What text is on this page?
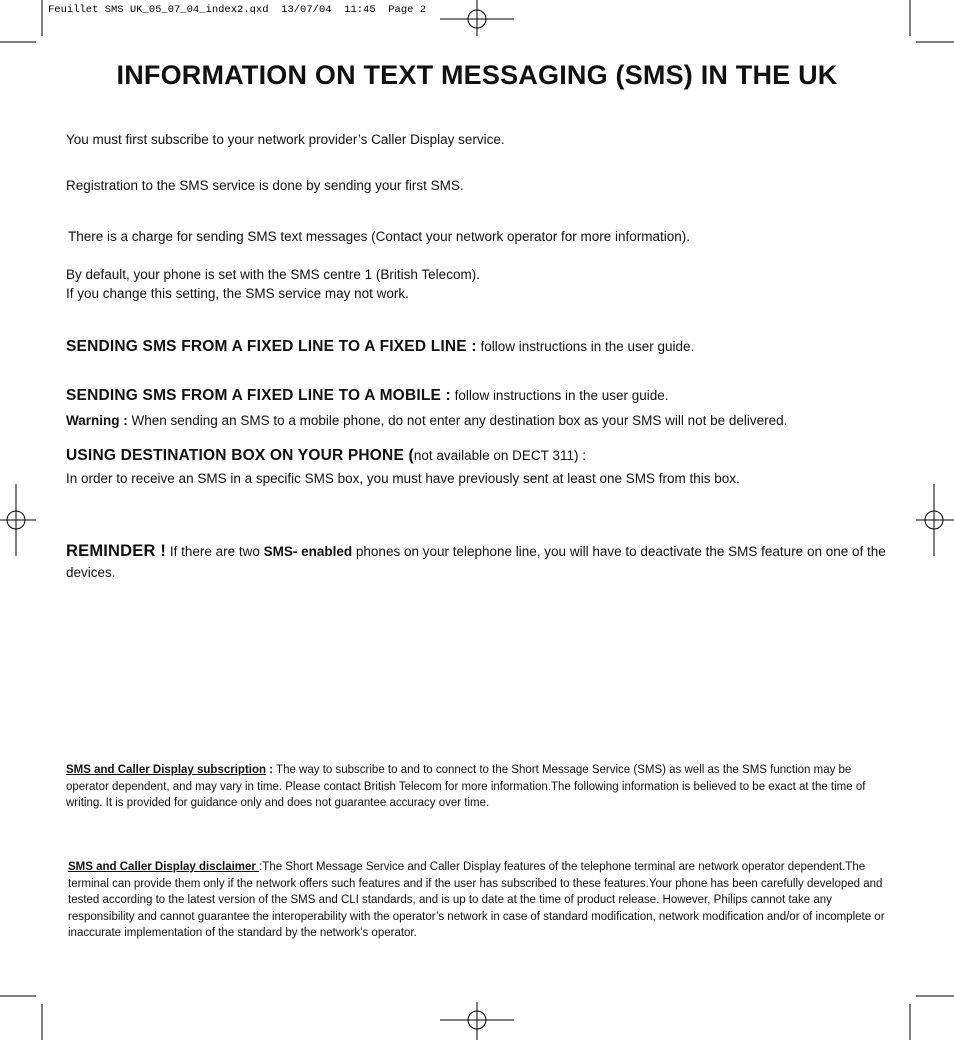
Feuillet SMS UK_05_07_04_index2.qxd  13/07/04  11:45  Page 2
INFORMATION ON TEXT MESSAGING (SMS) IN THE UK

You must first subscribe to your network provider’s Caller Display service.

Registration to the SMS service is done by sending your first SMS.

There is a charge for sending SMS text messages (Contact your network operator for more information).

By default, your phone is set with the SMS centre 1 (British Telecom).
If you change this setting, the SMS service may not work.

SENDING SMS FROM A FIXED LINE TO A FIXED LINE : follow instructions in the user guide.

SENDING SMS FROM A FIXED LINE TO A MOBILE : follow instructions in the user guide.

Warning : When sending an SMS to a mobile phone, do not enter any destination box as your SMS will not be delivered.

USING DESTINATION BOX ON YOUR PHONE (not available on DECT 311) :

In order to receive an SMS in a specific SMS box, you must have previously sent at least one SMS from this box.

REMINDER ! If there are two SMS- enabled phones on your telephone line, you will have to deactivate the SMS feature on one of the devices.

SMS and Caller Display subscription : The way to subscribe to and to connect to the Short Message Service (SMS) as well as the SMS function may be operator dependent, and may vary in time. Please contact British Telecom for more information.The following information is believed to be exact at the time of writing. It is provided for guidance only and does not guarantee accuracy over time.

SMS and Caller Display disclaimer :The Short Message Service and Caller Display features of the telephone terminal are network operator dependent.The terminal can provide them only if the network offers such features and if the user has subscribed to these features.Your phone has been carefully developed and tested according to the latest version of the SMS and CLI standards, and is up to date at the time of product release. However, Philips cannot take any responsibility and cannot guarantee the interoperability with the operator’s network in case of standard modification, network modification and/or of incomplete or inaccurate implementation of the standard by the network’s operator.
